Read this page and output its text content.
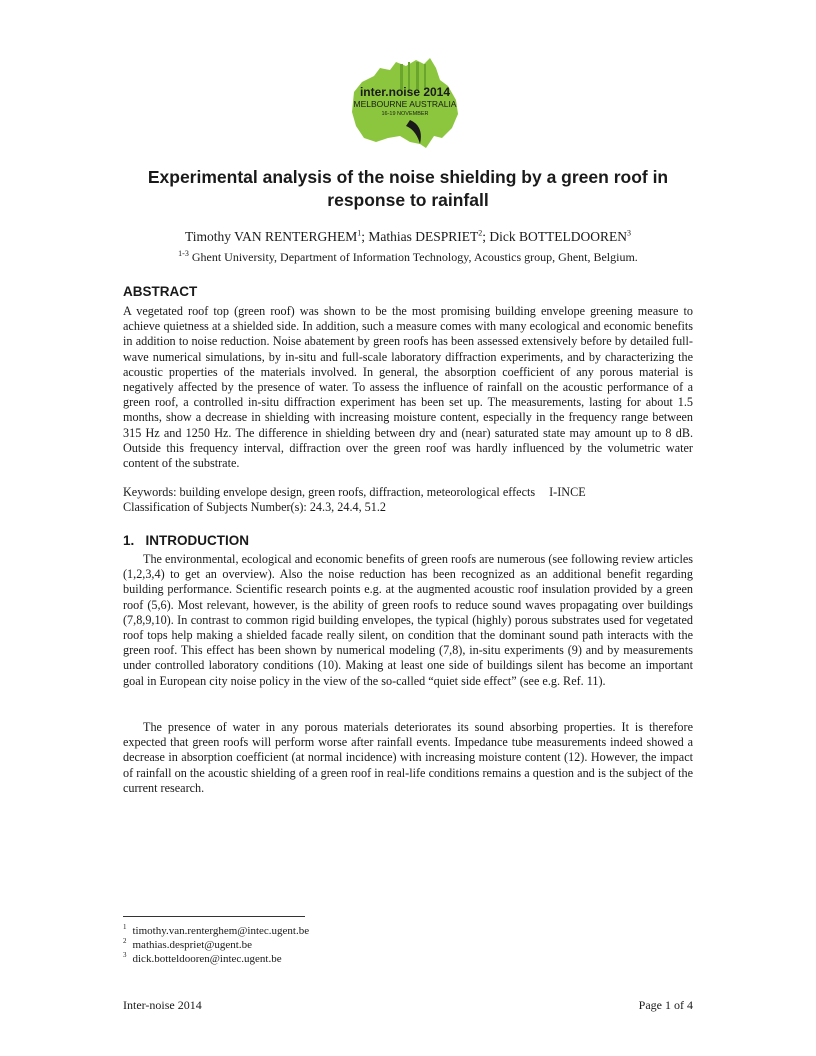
inter.noise 2014
MELBOURNE AUSTRALIA
16-19 NOVEMBER
Experimental analysis of the noise shielding by a green roof in response to rainfall
Timothy VAN RENTERGHEM$^1$; Mathias DESPRIET$^2$; Dick BOTTELDOOREN$^3$
$^{1-3}$ Ghent University, Department of Information Technology, Acoustics group, Ghent, Belgium.
ABSTRACT

A vegetated roof top (green roof) was shown to be the most promising building envelope greening measure to achieve quietness at a shielded side. In addition, such a measure comes with many ecological and economic benefits in addition to noise reduction. Noise abatement by green roofs has been assessed extensively before by detailed full-wave numerical simulations, by in-situ and full-scale laboratory diffraction experiments, and by characterizing the acoustic properties of the materials involved. In general, the absorption coefficient of any porous material is negatively affected by the presence of water. To assess the influence of rainfall on the acoustic performance of a green roof, a controlled in-situ diffraction experiment has been set up. The measurements, lasting for about 1.5 months, show a decrease in shielding with increasing moisture content, especially in the frequency range between 315 Hz and 1250 Hz. The difference in shielding between dry and (near) saturated state may amount up to 8 dB. Outside this frequency interval, diffraction over the green roof was hardly influenced by the volumetric water content of the substrate.

Keywords: building envelope design, green roofs, diffraction, meteorological effects I-INCE
Classification of Subjects Number(s): 24.3, 24.4, 51.2
1.   INTRODUCTION

The environmental, ecological and economic benefits of green roofs are numerous (see following review articles (1,2,3,4) to get an overview). Also the noise reduction has been recognized as an additional benefit regarding building performance. Scientific research points e.g. at the augmented acoustic roof insulation provided by a green roof (5,6). Most relevant, however, is the ability of green roofs to reduce sound waves propagating over buildings (7,8,9,10). In contrast to common rigid building envelopes, the typical (highly) porous substrates used for vegetated roof tops help making a shielded facade really silent, on condition that the dominant sound path interacts with the green roof. This effect has been shown by numerical modeling (7,8), in-situ experiments (9) and by measurements under controlled laboratory conditions (10). Making at least one side of buildings silent has become an important goal in European city noise policy in the view of the so-called “quiet side effect” (see e.g. Ref. 11).

The presence of water in any porous materials deteriorates its sound absorbing properties. It is therefore expected that green roofs will perform worse after rainfall events. Impedance tube measurements indeed showed a decrease in absorption coefficient (at normal incidence) with increasing moisture content (12). However, the impact of rainfall on the acoustic shielding of a green roof in real-life conditions remains a question and is the subject of the current research.

$^1$ timothy.van.renterghem@intec.ugent.be
$^2$ mathias.despriet@ugent.be
$^3$ dick.botteldooren@intec.ugent.be
Inter-noise 2014	Page 1 of 4
